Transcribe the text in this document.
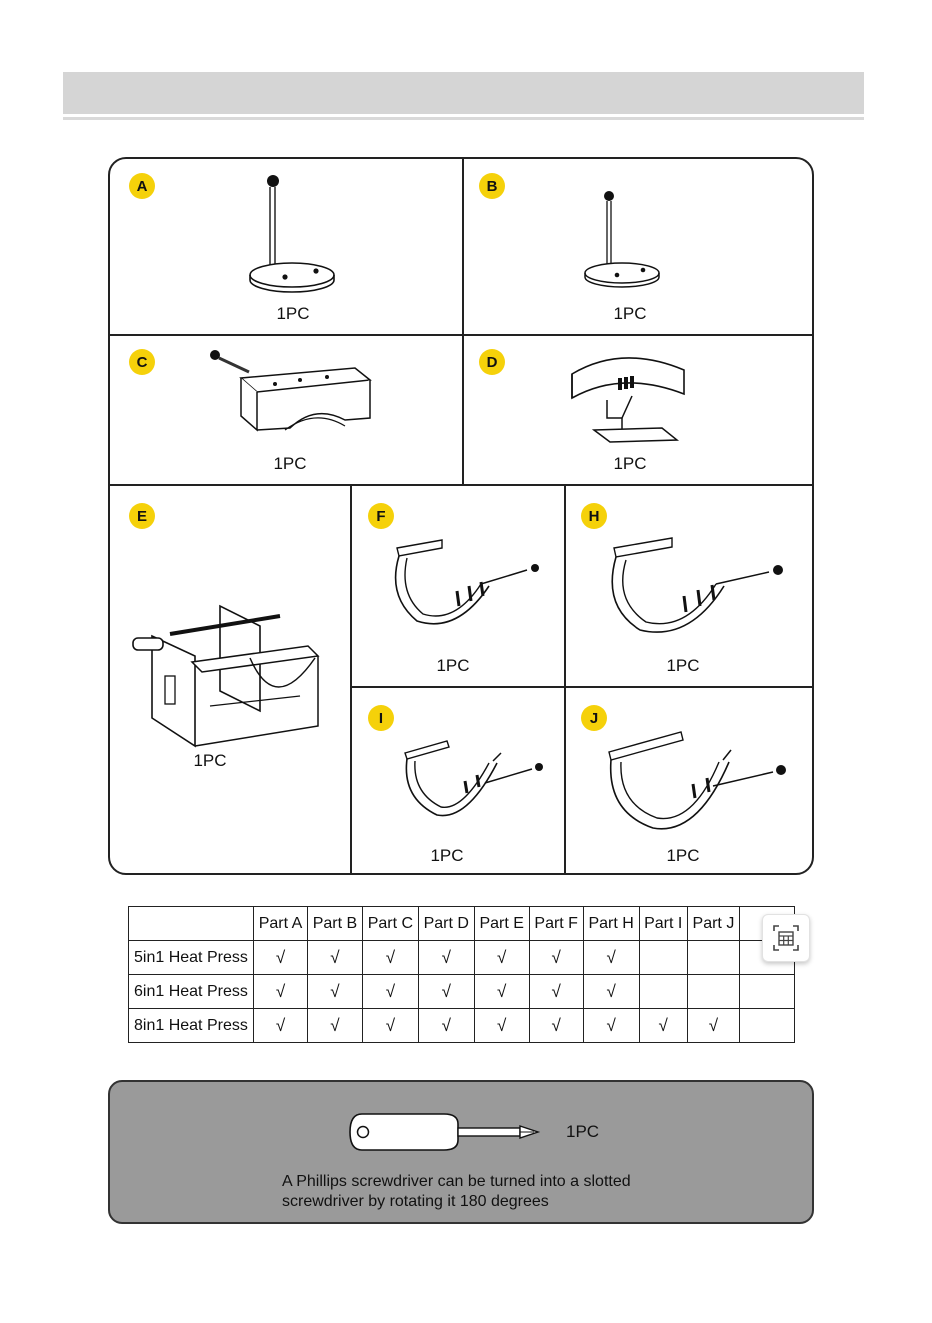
A
1PC
B
1PC
C
1PC
D
1PC
E
1PC
F
1PC
H
1PC
I
1PC
J
1PC
	Part A	Part B	Part C	Part D	Part E	Part F	Part H	Part I	Part J	
5in1 Heat Press	√	√	√	√	√	√	√			
6in1 Heat Press	√	√	√	√	√	√	√			
8in1 Heat Press	√	√	√	√	√	√	√	√	√	
1PC
A Phillips screwdriver can be turned into a slotted screwdriver by rotating it 180 degrees
